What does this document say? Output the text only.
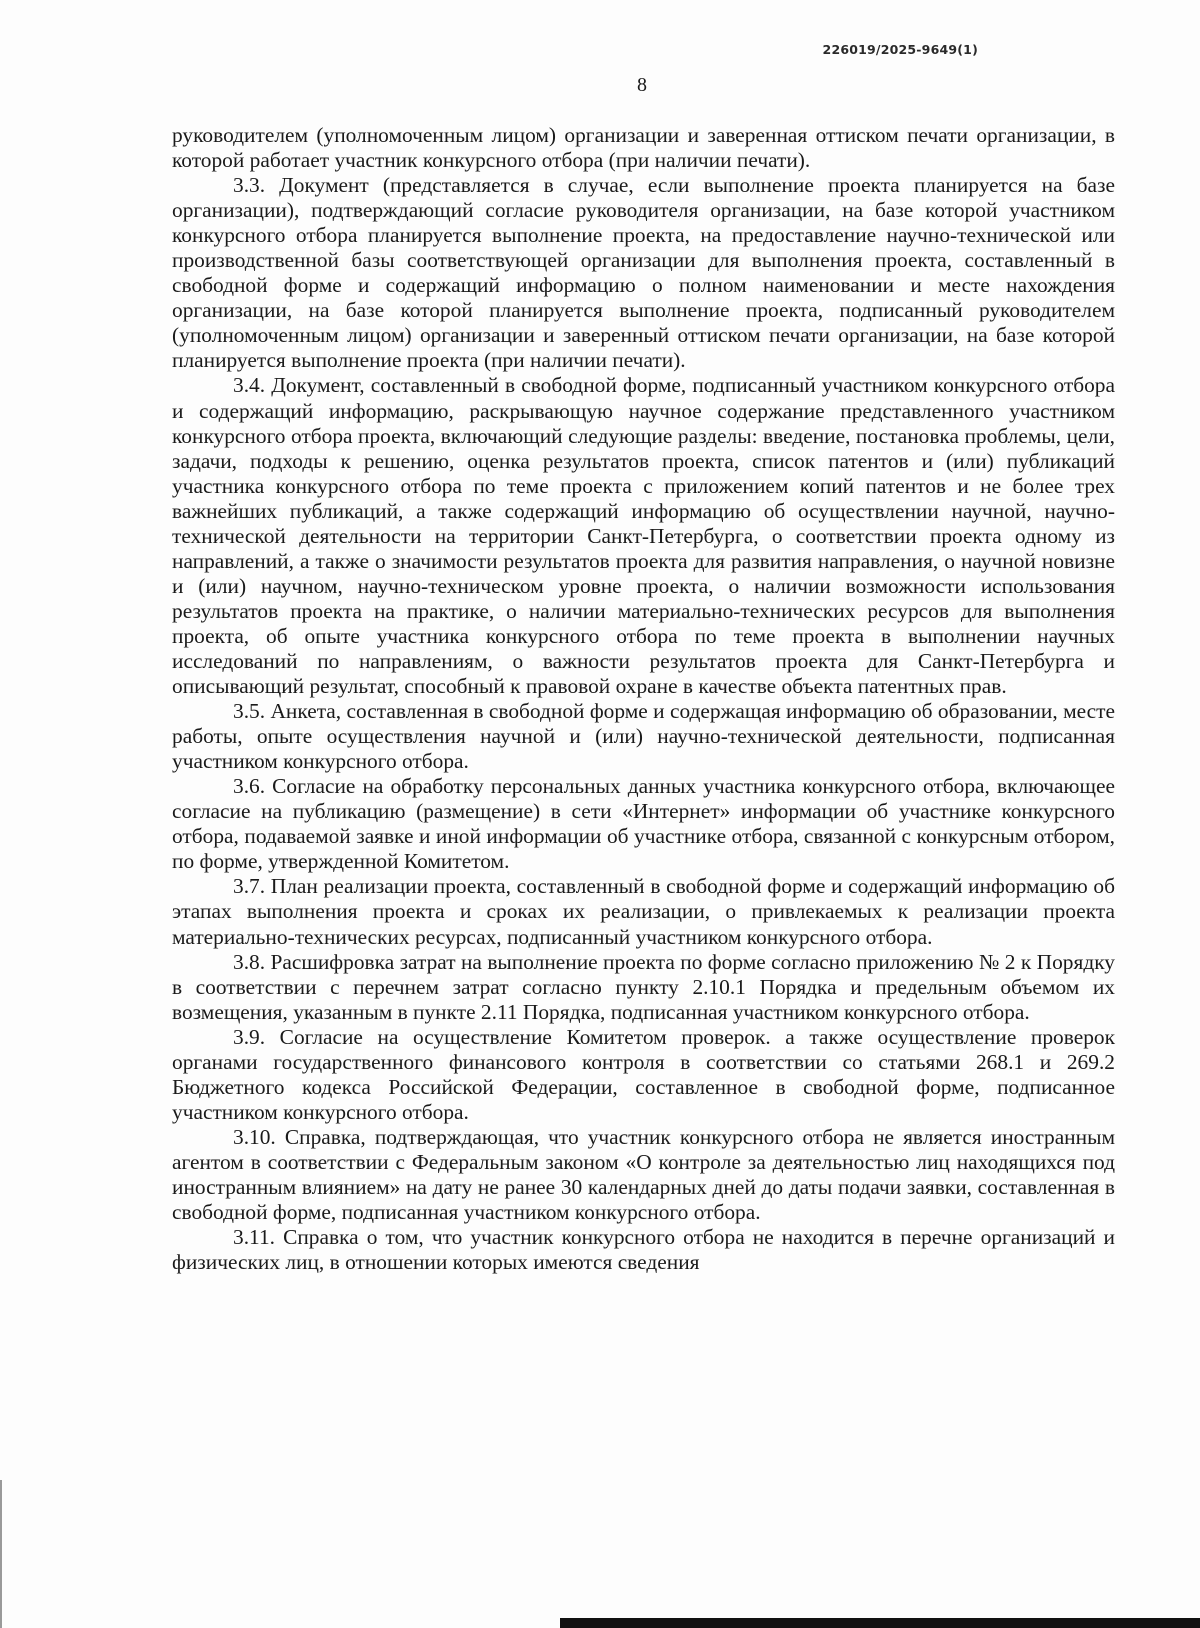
226019/2025-9649(1)
8

руководителем (уполномоченным лицом) организации и заверенная оттиском печати организации, в которой работает участник конкурсного отбора (при наличии печати).

3.3. Документ (представляется в случае, если выполнение проекта планируется на базе организации), подтверждающий согласие руководителя организации, на базе которой участником конкурсного отбора планируется выполнение проекта, на предоставление научно-технической или производственной базы соответствующей организации для выполнения проекта, составленный в свободной форме и содержащий информацию о полном наименовании и месте нахождения организации, на базе которой планируется выполнение проекта, подписанный руководителем (уполномоченным лицом) организации и заверенный оттиском печати организации, на базе которой планируется выполнение проекта (при наличии печати).

3.4. Документ, составленный в свободной форме, подписанный участником конкурсного отбора и содержащий информацию, раскрывающую научное содержание представленного участником конкурсного отбора проекта, включающий следующие разделы: введение, постановка проблемы, цели, задачи, подходы к решению, оценка результатов проекта, список патентов и (или) публикаций участника конкурсного отбора по теме проекта с приложением копий патентов и не более трех важнейших публикаций, а также содержащий информацию об осуществлении научной, научно-технической деятельности на территории Санкт-Петербурга, о соответствии проекта одному из направлений, а также о значимости результатов проекта для развития направления, о научной новизне и (или) научном, научно-техническом уровне проекта, о наличии возможности использования результатов проекта на практике, о наличии материально-технических ресурсов для выполнения проекта, об опыте участника конкурсного отбора по теме проекта в выполнении научных исследований по направлениям, о важности результатов проекта для Санкт-Петербурга и описывающий результат, способный к правовой охране в качестве объекта патентных прав.

3.5. Анкета, составленная в свободной форме и содержащая информацию об образовании, месте работы, опыте осуществления научной и (или) научно-технической деятельности, подписанная участником конкурсного отбора.

3.6. Согласие на обработку персональных данных участника конкурсного отбора, включающее согласие на публикацию (размещение) в сети «Интернет» информации об участнике конкурсного отбора, подаваемой заявке и иной информации об участнике отбора, связанной с конкурсным отбором, по форме, утвержденной Комитетом.

3.7. План реализации проекта, составленный в свободной форме и содержащий информацию об этапах выполнения проекта и сроках их реализации, о привлекаемых к реализации проекта материально-технических ресурсах, подписанный участником конкурсного отбора.

3.8. Расшифровка затрат на выполнение проекта по форме согласно приложению № 2 к Порядку в соответствии с перечнем затрат согласно пункту 2.10.1 Порядка и предельным объемом их возмещения, указанным в пункте 2.11 Порядка, подписанная участником конкурсного отбора.

3.9. Согласие на осуществление Комитетом проверок. а также осуществление проверок органами государственного финансового контроля в соответствии со статьями 268.1 и 269.2 Бюджетного кодекса Российской Федерации, составленное в свободной форме, подписанное участником конкурсного отбора.

3.10. Справка, подтверждающая, что участник конкурсного отбора не является иностранным агентом в соответствии с Федеральным законом «О контроле за деятельностью лиц находящихся под иностранным влиянием» на дату не ранее 30 календарных дней до даты подачи заявки, составленная в свободной форме, подписанная участником конкурсного отбора.

3.11. Справка о том, что участник конкурсного отбора не находится в перечне организаций и физических лиц, в отношении которых имеются сведения
